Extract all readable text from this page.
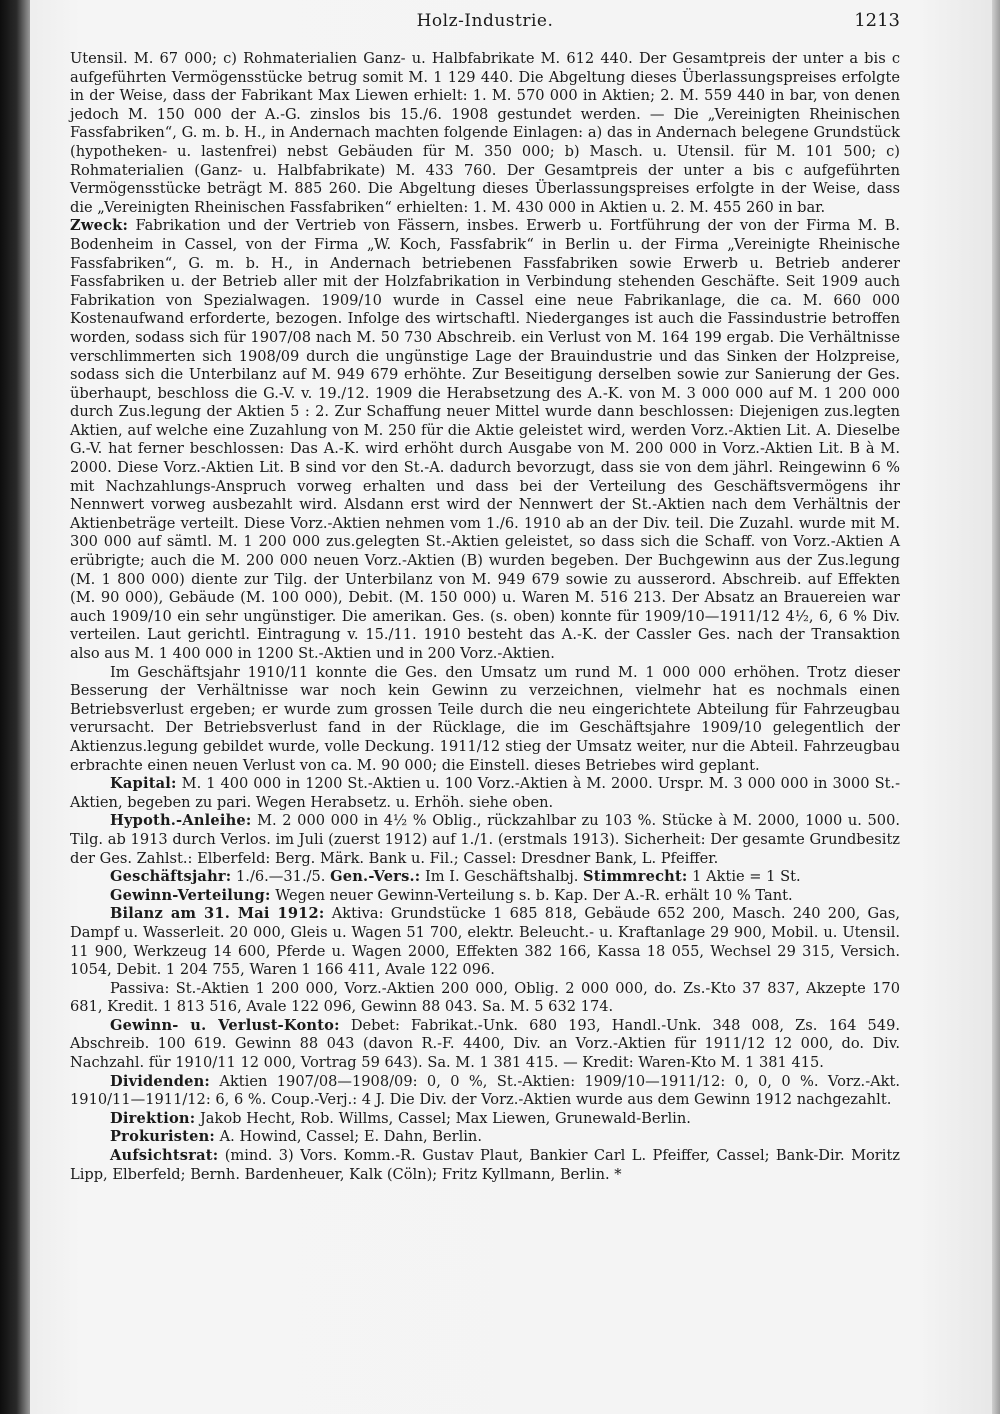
Holz-Industrie.	1213

Utensil. M. 67 000; c) Rohmaterialien Ganz- u. Halbfabrikate M. 612 440. Der Gesamtpreis der unter a bis c aufgeführten Vermögensstücke betrug somit M. 1 129 440. Die Abgeltung dieses Überlassungspreises erfolgte in der Weise, dass der Fabrikant Max Liewen erhielt: 1. M. 570 000 in Aktien; 2. M. 559 440 in bar, von denen jedoch M. 150 000 der A.-G. zinslos bis 15./6. 1908 gestundet werden. — Die „Vereinigten Rheinischen Fassfabriken“, G. m. b. H., in Andernach machten folgende Einlagen: a) das in Andernach belegene Grundstück (hypotheken- u. lastenfrei) nebst Gebäuden für M. 350 000; b) Masch. u. Utensil. für M. 101 500; c) Rohmaterialien (Ganz- u. Halbfabrikate) M. 433 760. Der Gesamtpreis der unter a bis c aufgeführten Vermögensstücke beträgt M. 885 260. Die Abgeltung dieses Überlassungspreises erfolgte in der Weise, dass die „Vereinigten Rheinischen Fassfabriken“ erhielten: 1. M. 430 000 in Aktien u. 2. M. 455 260 in bar.

Zweck: Fabrikation und der Vertrieb von Fässern, insbes. Erwerb u. Fortführung der von der Firma M. B. Bodenheim in Cassel, von der Firma „W. Koch, Fassfabrik“ in Berlin u. der Firma „Vereinigte Rheinische Fassfabriken“, G. m. b. H., in Andernach betriebenen Fassfabriken sowie Erwerb u. Betrieb anderer Fassfabriken u. der Betrieb aller mit der Holzfabrikation in Verbindung stehenden Geschäfte. Seit 1909 auch Fabrikation von Spezialwagen. 1909/10 wurde in Cassel eine neue Fabrikanlage, die ca. M. 660 000 Kostenaufwand erforderte, bezogen. Infolge des wirtschaftl. Niederganges ist auch die Fassindustrie betroffen worden, sodass sich für 1907/08 nach M. 50 730 Abschreib. ein Verlust von M. 164 199 ergab. Die Verhältnisse verschlimmerten sich 1908/09 durch die ungünstige Lage der Brauindustrie und das Sinken der Holzpreise, sodass sich die Unterbilanz auf M. 949 679 erhöhte. Zur Beseitigung derselben sowie zur Sanierung der Ges. überhaupt, beschloss die G.-V. v. 19./12. 1909 die Herabsetzung des A.-K. von M. 3 000 000 auf M. 1 200 000 durch Zus.legung der Aktien 5 : 2. Zur Schaffung neuer Mittel wurde dann beschlossen: Diejenigen zus.legten Aktien, auf welche eine Zuzahlung von M. 250 für die Aktie geleistet wird, werden Vorz.-Aktien Lit. A. Dieselbe G.-V. hat ferner beschlossen: Das A.-K. wird erhöht durch Ausgabe von M. 200 000 in Vorz.-Aktien Lit. B à M. 2000. Diese Vorz.-Aktien Lit. B sind vor den St.-A. dadurch bevorzugt, dass sie von dem jährl. Reingewinn 6 % mit Nachzahlungs-Anspruch vorweg erhalten und dass bei der Verteilung des Geschäftsvermögens ihr Nennwert vorweg ausbezahlt wird. Alsdann erst wird der Nennwert der St.-Aktien nach dem Verhältnis der Aktienbeträge verteilt. Diese Vorz.-Aktien nehmen vom 1./6. 1910 ab an der Div. teil. Die Zuzahl. wurde mit M. 300 000 auf sämtl. M. 1 200 000 zus.gelegten St.-Aktien geleistet, so dass sich die Schaff. von Vorz.-Aktien A erübrigte; auch die M. 200 000 neuen Vorz.-Aktien (B) wurden begeben. Der Buchgewinn aus der Zus.legung (M. 1 800 000) diente zur Tilg. der Unterbilanz von M. 949 679 sowie zu ausserord. Abschreib. auf Effekten (M. 90 000), Gebäude (M. 100 000), Debit. (M. 150 000) u. Waren M. 516 213. Der Absatz an Brauereien war auch 1909/10 ein sehr ungünstiger. Die amerikan. Ges. (s. oben) konnte für 1909/10—1911/12 4½, 6, 6 % Div. verteilen. Laut gerichtl. Eintragung v. 15./11. 1910 besteht das A.-K. der Cassler Ges. nach der Transaktion also aus M. 1 400 000 in 1200 St.-Aktien und in 200 Vorz.-Aktien.

Im Geschäftsjahr 1910/11 konnte die Ges. den Umsatz um rund M. 1 000 000 erhöhen. Trotz dieser Besserung der Verhältnisse war noch kein Gewinn zu verzeichnen, vielmehr hat es nochmals einen Betriebsverlust ergeben; er wurde zum grossen Teile durch die neu eingerichtete Abteilung für Fahrzeugbau verursacht. Der Betriebsverlust fand in der Rücklage, die im Geschäftsjahre 1909/10 gelegentlich der Aktienzus.legung gebildet wurde, volle Deckung. 1911/12 stieg der Umsatz weiter, nur die Abteil. Fahrzeugbau erbrachte einen neuen Verlust von ca. M. 90 000; die Einstell. dieses Betriebes wird geplant.

Kapital: M. 1 400 000 in 1200 St.-Aktien u. 100 Vorz.-Aktien à M. 2000. Urspr. M. 3 000 000 in 3000 St.-Aktien, begeben zu pari. Wegen Herabsetz. u. Erhöh. siehe oben.

Hypoth.-Anleihe: M. 2 000 000 in 4½ % Oblig., rückzahlbar zu 103 %. Stücke à M. 2000, 1000 u. 500. Tilg. ab 1913 durch Verlos. im Juli (zuerst 1912) auf 1./1. (erstmals 1913). Sicherheit: Der gesamte Grundbesitz der Ges. Zahlst.: Elberfeld: Berg. Märk. Bank u. Fil.; Cassel: Dresdner Bank, L. Pfeiffer.

Geschäftsjahr: 1./6.—31./5. Gen.-Vers.: Im I. Geschäftshalbj. Stimmrecht: 1 Aktie = 1 St.

Gewinn-Verteilung: Wegen neuer Gewinn-Verteilung s. b. Kap. Der A.-R. erhält 10 % Tant.

Bilanz am 31. Mai 1912: Aktiva: Grundstücke 1 685 818, Gebäude 652 200, Masch. 240 200, Gas, Dampf u. Wasserleit. 20 000, Gleis u. Wagen 51 700, elektr. Beleucht.- u. Kraftanlage 29 900, Mobil. u. Utensil. 11 900, Werkzeug 14 600, Pferde u. Wagen 2000, Effekten 382 166, Kassa 18 055, Wechsel 29 315, Versich. 1054, Debit. 1 204 755, Waren 1 166 411, Avale 122 096.

Passiva: St.-Aktien 1 200 000, Vorz.-Aktien 200 000, Oblig. 2 000 000, do. Zs.-Kto 37 837, Akzepte 170 681, Kredit. 1 813 516, Avale 122 096, Gewinn 88 043. Sa. M. 5 632 174.

Gewinn- u. Verlust-Konto: Debet: Fabrikat.-Unk. 680 193, Handl.-Unk. 348 008, Zs. 164 549. Abschreib. 100 619. Gewinn 88 043 (davon R.-F. 4400, Div. an Vorz.-Aktien für 1911/12 12 000, do. Div. Nachzahl. für 1910/11 12 000, Vortrag 59 643). Sa. M. 1 381 415. — Kredit: Waren-Kto M. 1 381 415.

Dividenden: Aktien 1907/08—1908/09: 0, 0 %, St.-Aktien: 1909/10—1911/12: 0, 0, 0 %. Vorz.-Akt. 1910/11—1911/12: 6, 6 %. Coup.-Verj.: 4 J. Die Div. der Vorz.-Aktien wurde aus dem Gewinn 1912 nachgezahlt.

Direktion: Jakob Hecht, Rob. Willms, Cassel; Max Liewen, Grunewald-Berlin.

Prokuristen: A. Howind, Cassel; E. Dahn, Berlin.

Aufsichtsrat: (mind. 3) Vors. Komm.-R. Gustav Plaut, Bankier Carl L. Pfeiffer, Cassel; Bank-Dir. Moritz Lipp, Elberfeld; Bernh. Bardenheuer, Kalk (Cöln); Fritz Kyllmann, Berlin. *
